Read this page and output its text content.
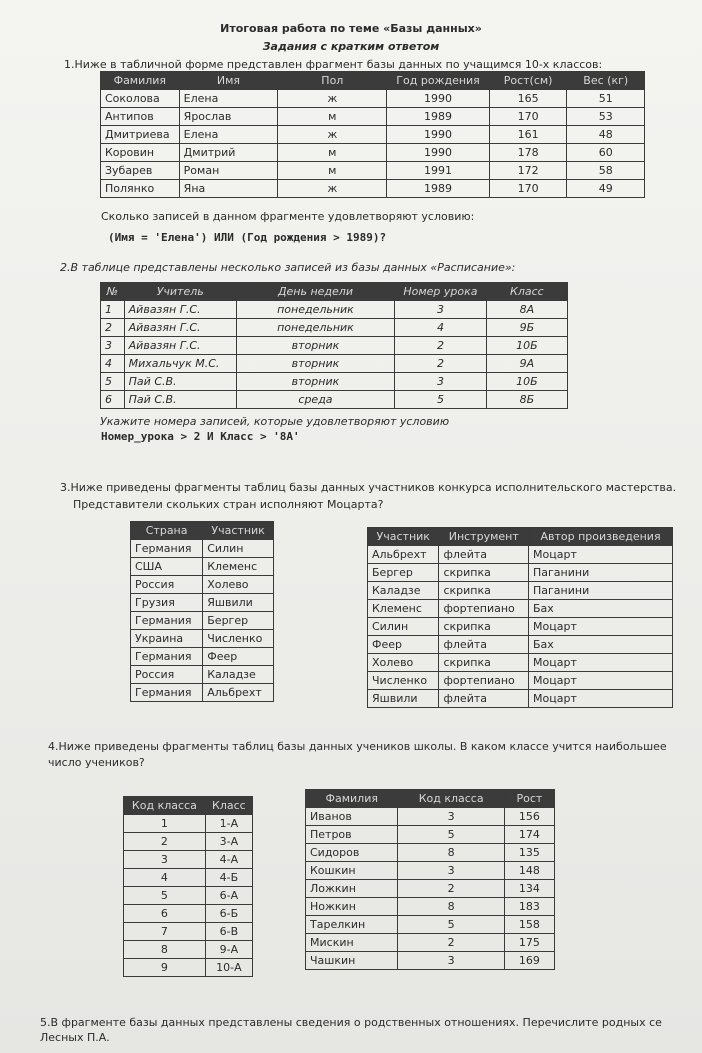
Итоговая работа по теме «Базы данных»
Задания с кратким ответом
1.Ниже в табличной форме представлен фрагмент базы данных по учащимся 10-х классов:
Фамилия	Имя	Пол	Год рождения	Рост(см)	Вес (кг)
Соколова	Елена	ж	1990	165	51
Антипов	Ярослав	м	1989	170	53
Дмитриева	Елена	ж	1990	161	48
Коровин	Дмитрий	м	1990	178	60
Зубарев	Роман	м	1991	172	58
Полянко	Яна	ж	1989	170	49
Сколько записей в данном фрагменте удовлетворяют условию:
(Имя = 'Елена') ИЛИ (Год рождения > 1989)?
2.В таблице представлены несколько записей из базы данных «Расписание»:
№	Учитель	День недели	Номер урока	Класс
1	Айвазян Г.С.	понедельник	3	8А
2	Айвазян Г.С.	понедельник	4	9Б
3	Айвазян Г.С.	вторник	2	10Б
4	Михальчук М.С.	вторник	2	9А
5	Пай С.В.	вторник	3	10Б
6	Пай С.В.	среда	5	8Б
Укажите номера записей, которые удовлетворяют условию
Номер_урока > 2 И Класс > '8А'
3.Ниже приведены фрагменты таблиц базы данных участников конкурса исполнительского мастерства.
Представители скольких стран исполняют Моцарта?
Страна	Участник
Германия	Силин
США	Клеменс
Россия	Холево
Грузия	Яшвили
Германия	Бергер
Украина	Численко
Германия	Феер
Россия	Каладзе
Германия	Альбрехт
Участник	Инструмент	Автор произведения
Альбрехт	флейта	Моцарт
Бергер	скрипка	Паганини
Каладзе	скрипка	Паганини
Клеменс	фортепиано	Бах
Силин	скрипка	Моцарт
Феер	флейта	Бах
Холево	скрипка	Моцарт
Численко	фортепиано	Моцарт
Яшвили	флейта	Моцарт
4.Ниже приведены фрагменты таблиц базы данных учеников школы. В каком классе учится наибольшее
число учеников?
Код класса	Класс
1	1-А
2	3-А
3	4-А
4	4-Б
5	6-А
6	6-Б
7	6-В
8	9-А
9	10-А
Фамилия	Код класса	Рост
Иванов	3	156
Петров	5	174
Сидоров	8	135
Кошкин	3	148
Ложкин	2	134
Ножкин	8	183
Тарелкин	5	158
Мискин	2	175
Чашкин	3	169
5.В фрагменте базы данных представлены сведения о родственных отношениях. Перечислите родных се
Лесных П.А.
